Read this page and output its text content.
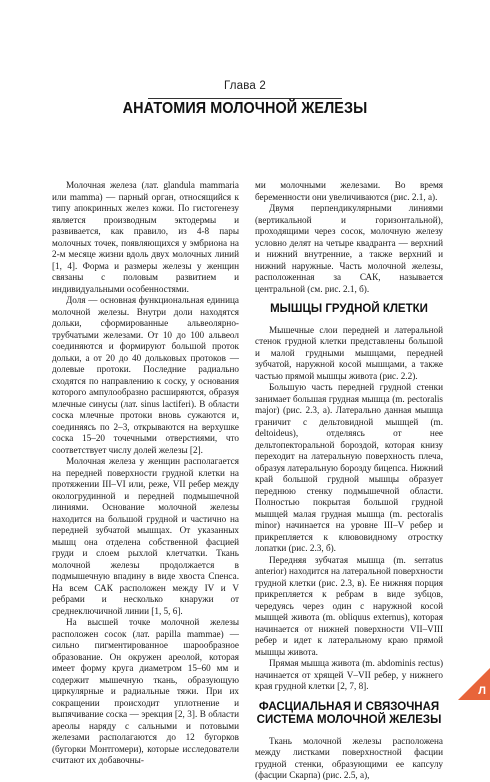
Глава 2
АНАТОМИЯ МОЛОЧНОЙ ЖЕЛЕЗЫ

Молочная железа (лат. glandula mammaria или mamma) — парный орган, относящийся к типу апокринных желез кожи. По гистогенезу является производным эктодермы и развивается, как правило, из 4-8 пары молочных точек, появляющихся у эмбриона на 2-м месяце жизни вдоль двух молочных линий [1, 4]. Форма и размеры железы у женщин связаны с половым развитием и индивидуальными особенностями.

Доля — основная функциональная единица молочной железы. Внутри доли находятся дольки, сформированные альвеолярно-трубчатыми железами. От 10 до 100 альвеол соединяются и формируют большой проток дольки, а от 20 до 40 дольковых протоков — долевые протоки. Последние радиально сходятся по направлению к соску, у основания которого ампулообразно расширяются, образуя млечные синусы (лат. sinus lactiferi). В области соска млечные протоки вновь сужаются и, соединяясь по 2–3, открываются на верхушке соска 15–20 точечными отверстиями, что соответствует числу долей железы [2].

Молочная железа у женщин располагается на передней поверхности грудной клетки на протяжении III–VI или, реже, VII ребер между окологрудинной и передней подмышечной линиями. Основание молочной железы находится на большой грудной и частично на передней зубчатой мышцах. От указанных мышц она отделена собственной фасцией груди и слоем рыхлой клетчатки. Ткань молочной железы продолжается в подмышечную впадину в виде хвоста Спенса. На всем САК расположен между IV и V ребрами и несколько кнаружи от среднеключичной линии [1, 5, 6].

На высшей точке молочной железы расположен сосок (лат. papilla mammae) — сильно пигментированное шарообразное образование. Он окружен ареолой, которая имеет форму круга диаметром 15–60 мм и содержит мышечную ткань, образующую циркулярные и радиальные тяжи. При их сокращении происходит уплотнение и выпячивание соска — эрекция [2, 3]. В области ареолы наряду с сальными и потовыми железами располагаются до 12 бугорков (бугорки Монтгомери), которые исследователи считают их добавочны-

ми молочными железами. Во время беременности они увеличиваются (рис. 2.1, а).

Двумя перпендикулярными линиями (вертикальной и горизонтальной), проходящими через сосок, молочную железу условно делят на четыре квадранта — верхний и нижний внутренние, а также верхний и нижний наружные. Часть молочной железы, расположенная за САК, называется центральной (см. рис. 2.1, б).

МЫШЦЫ ГРУДНОЙ КЛЕТКИ

Мышечные слои передней и латеральной стенок грудной клетки представлены большой и малой грудными мышцами, передней зубчатой, наружной косой мышцами, а также частью прямой мышцы живота (рис. 2.2).

Большую часть передней грудной стенки занимает большая грудная мышца (m. pectoralis major) (рис. 2.3, а). Латерально данная мышца граничит с дельтовидной мышцей (m. deltoideus), отделяясь от нее дельтопекторальной бороздой, которая книзу переходит на латеральную поверхность плеча, образуя латеральную борозду бицепса. Нижний край большой грудной мышцы образует переднюю стенку подмышечной области. Полностью покрытая большой грудной мышцей малая грудная мышца (m. pectoralis minor) начинается на уровне III–V ребер и прикрепляется к клювовидному отростку лопатки (рис. 2.3, б).

Передняя зубчатая мышца (m. serratus anterior) находится на латеральной поверхности грудной клетки (рис. 2.3, в). Ее нижняя порция прикрепляется к ребрам в виде зубцов, чередуясь через один с наружной косой мышцей живота (m. obliquus externus), которая начинается от нижней поверхности VII–VIII ребер и идет к латеральному краю прямой мышцы живота.

Прямая мышца живота (m. abdominis rectus) начинается от хрящей V–VII ребер, у нижнего края грудной клетки [2, 7, 8].

ФАСЦИАЛЬНАЯ И СВЯЗОЧНАЯ СИСТЕМА МОЛОЧНОЙ ЖЕЛЕЗЫ

Ткань молочной железы расположена между листками поверхностной фасции грудной стенки, образующими ее капсулу (фасции Скарпа) (рис. 2.5, а),

Л
